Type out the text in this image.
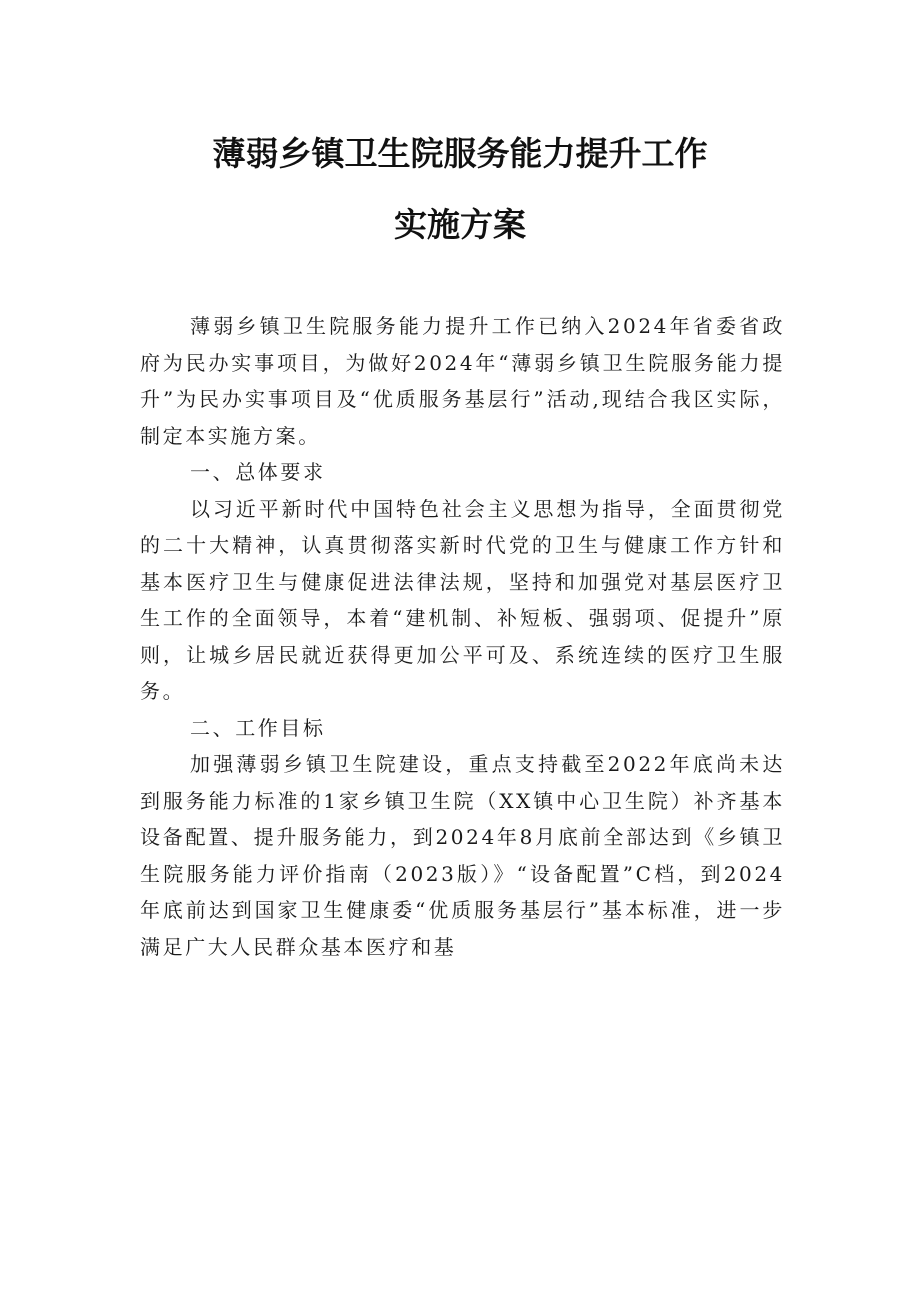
薄弱乡镇卫生院服务能力提升工作
实施方案

薄弱乡镇卫生院服务能力提升工作已纳入2024年省委省政府为民办实事项目，为做好2024年“薄弱乡镇卫生院服务能力提升”为民办实事项目及“优质服务基层行”活动,现结合我区实际，制定本实施方案。

一、总体要求

以习近平新时代中国特色社会主义思想为指导，全面贯彻党的二十大精神，认真贯彻落实新时代党的卫生与健康工作方针和基本医疗卫生与健康促进法律法规，坚持和加强党对基层医疗卫生工作的全面领导，本着“建机制、补短板、强弱项、促提升”原则，让城乡居民就近获得更加公平可及、系统连续的医疗卫生服务。

二、工作目标

加强薄弱乡镇卫生院建设，重点支持截至2022年底尚未达到服务能力标准的1家乡镇卫生院（XX镇中心卫生院）补齐基本设备配置、提升服务能力，到2024年8月底前全部达到《乡镇卫生院服务能力评价指南（2023版）》“设备配置”C档，到2024年底前达到国家卫生健康委“优质服务基层行”基本标准，进一步满足广大人民群众基本医疗和基
